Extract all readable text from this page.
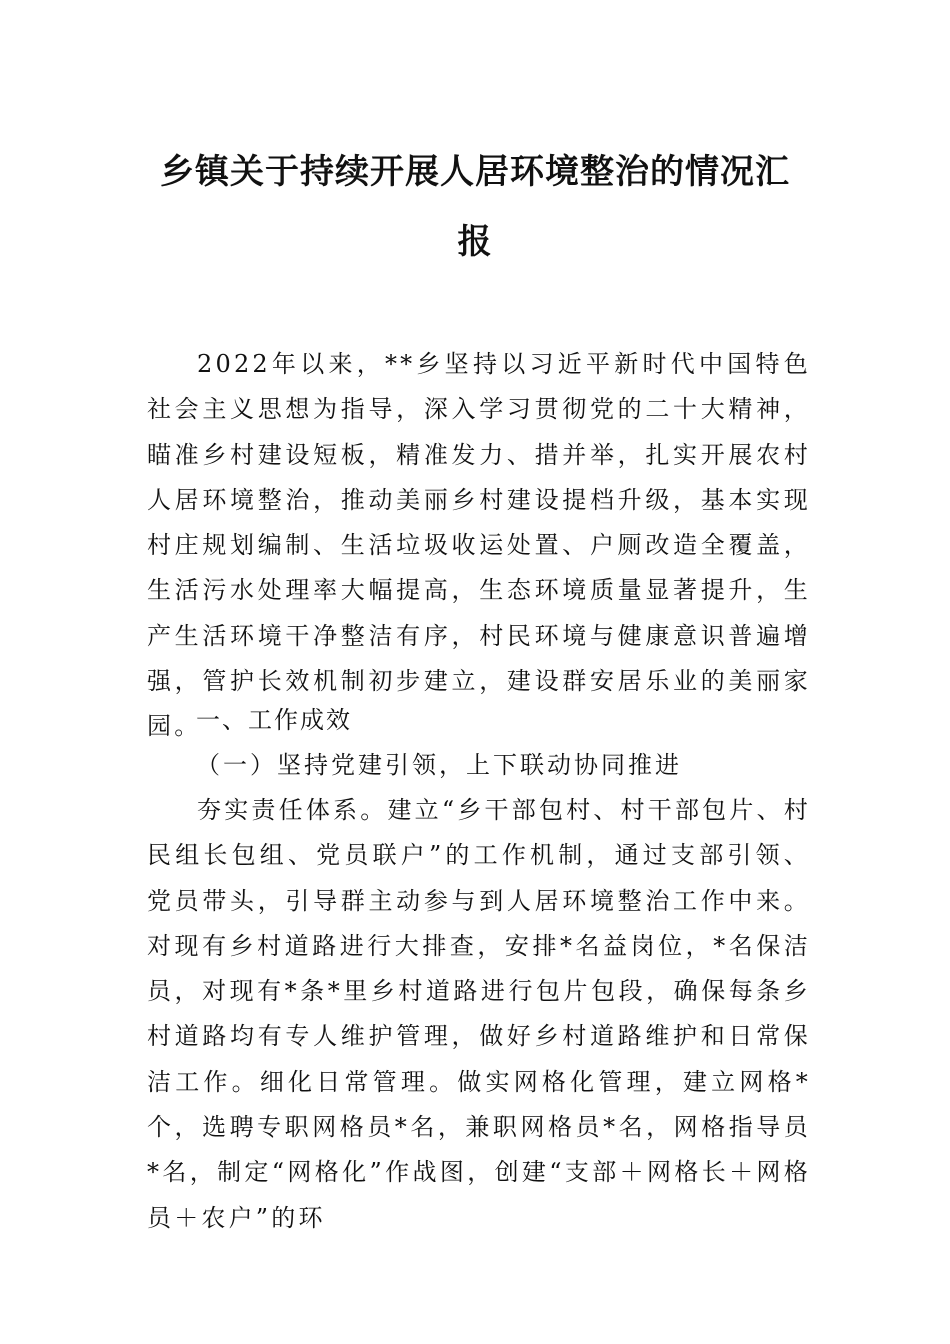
乡镇关于持续开展人居环境整治的情况汇
报
2022年以来，**乡坚持以习近平新时代中国特色社会主义思想为指导，深入学习贯彻党的二十大精神，瞄准乡村建设短板，精准发力、措并举，扎实开展农村人居环境整治，推动美丽乡村建设提档升级，基本实现村庄规划编制、生活垃圾收运处置、户厕改造全覆盖，生活污水处理率大幅提高，生态环境质量显著提升，生产生活环境干净整洁有序，村民环境与健康意识普遍增强，管护长效机制初步建立，建设群安居乐业的美丽家园。
一、工作成效
（一）坚持党建引领，上下联动协同推进
夯实责任体系。建立“乡干部包村、村干部包片、村民组长包组、党员联户”的工作机制，通过支部引领、党员带头，引导群主动参与到人居环境整治工作中来。对现有乡村道路进行大排查，安排*名益岗位，*名保洁员，对现有*条*里乡村道路进行包片包段，确保每条乡村道路均有专人维护管理，做好乡村道路维护和日常保洁工作。细化日常管理。做实网格化管理，建立网格*个，选聘专职网格员*名，兼职网格员*名，网格指导员*名，制定“网格化”作战图，创建“支部＋网格长＋网格员＋农户”的环
